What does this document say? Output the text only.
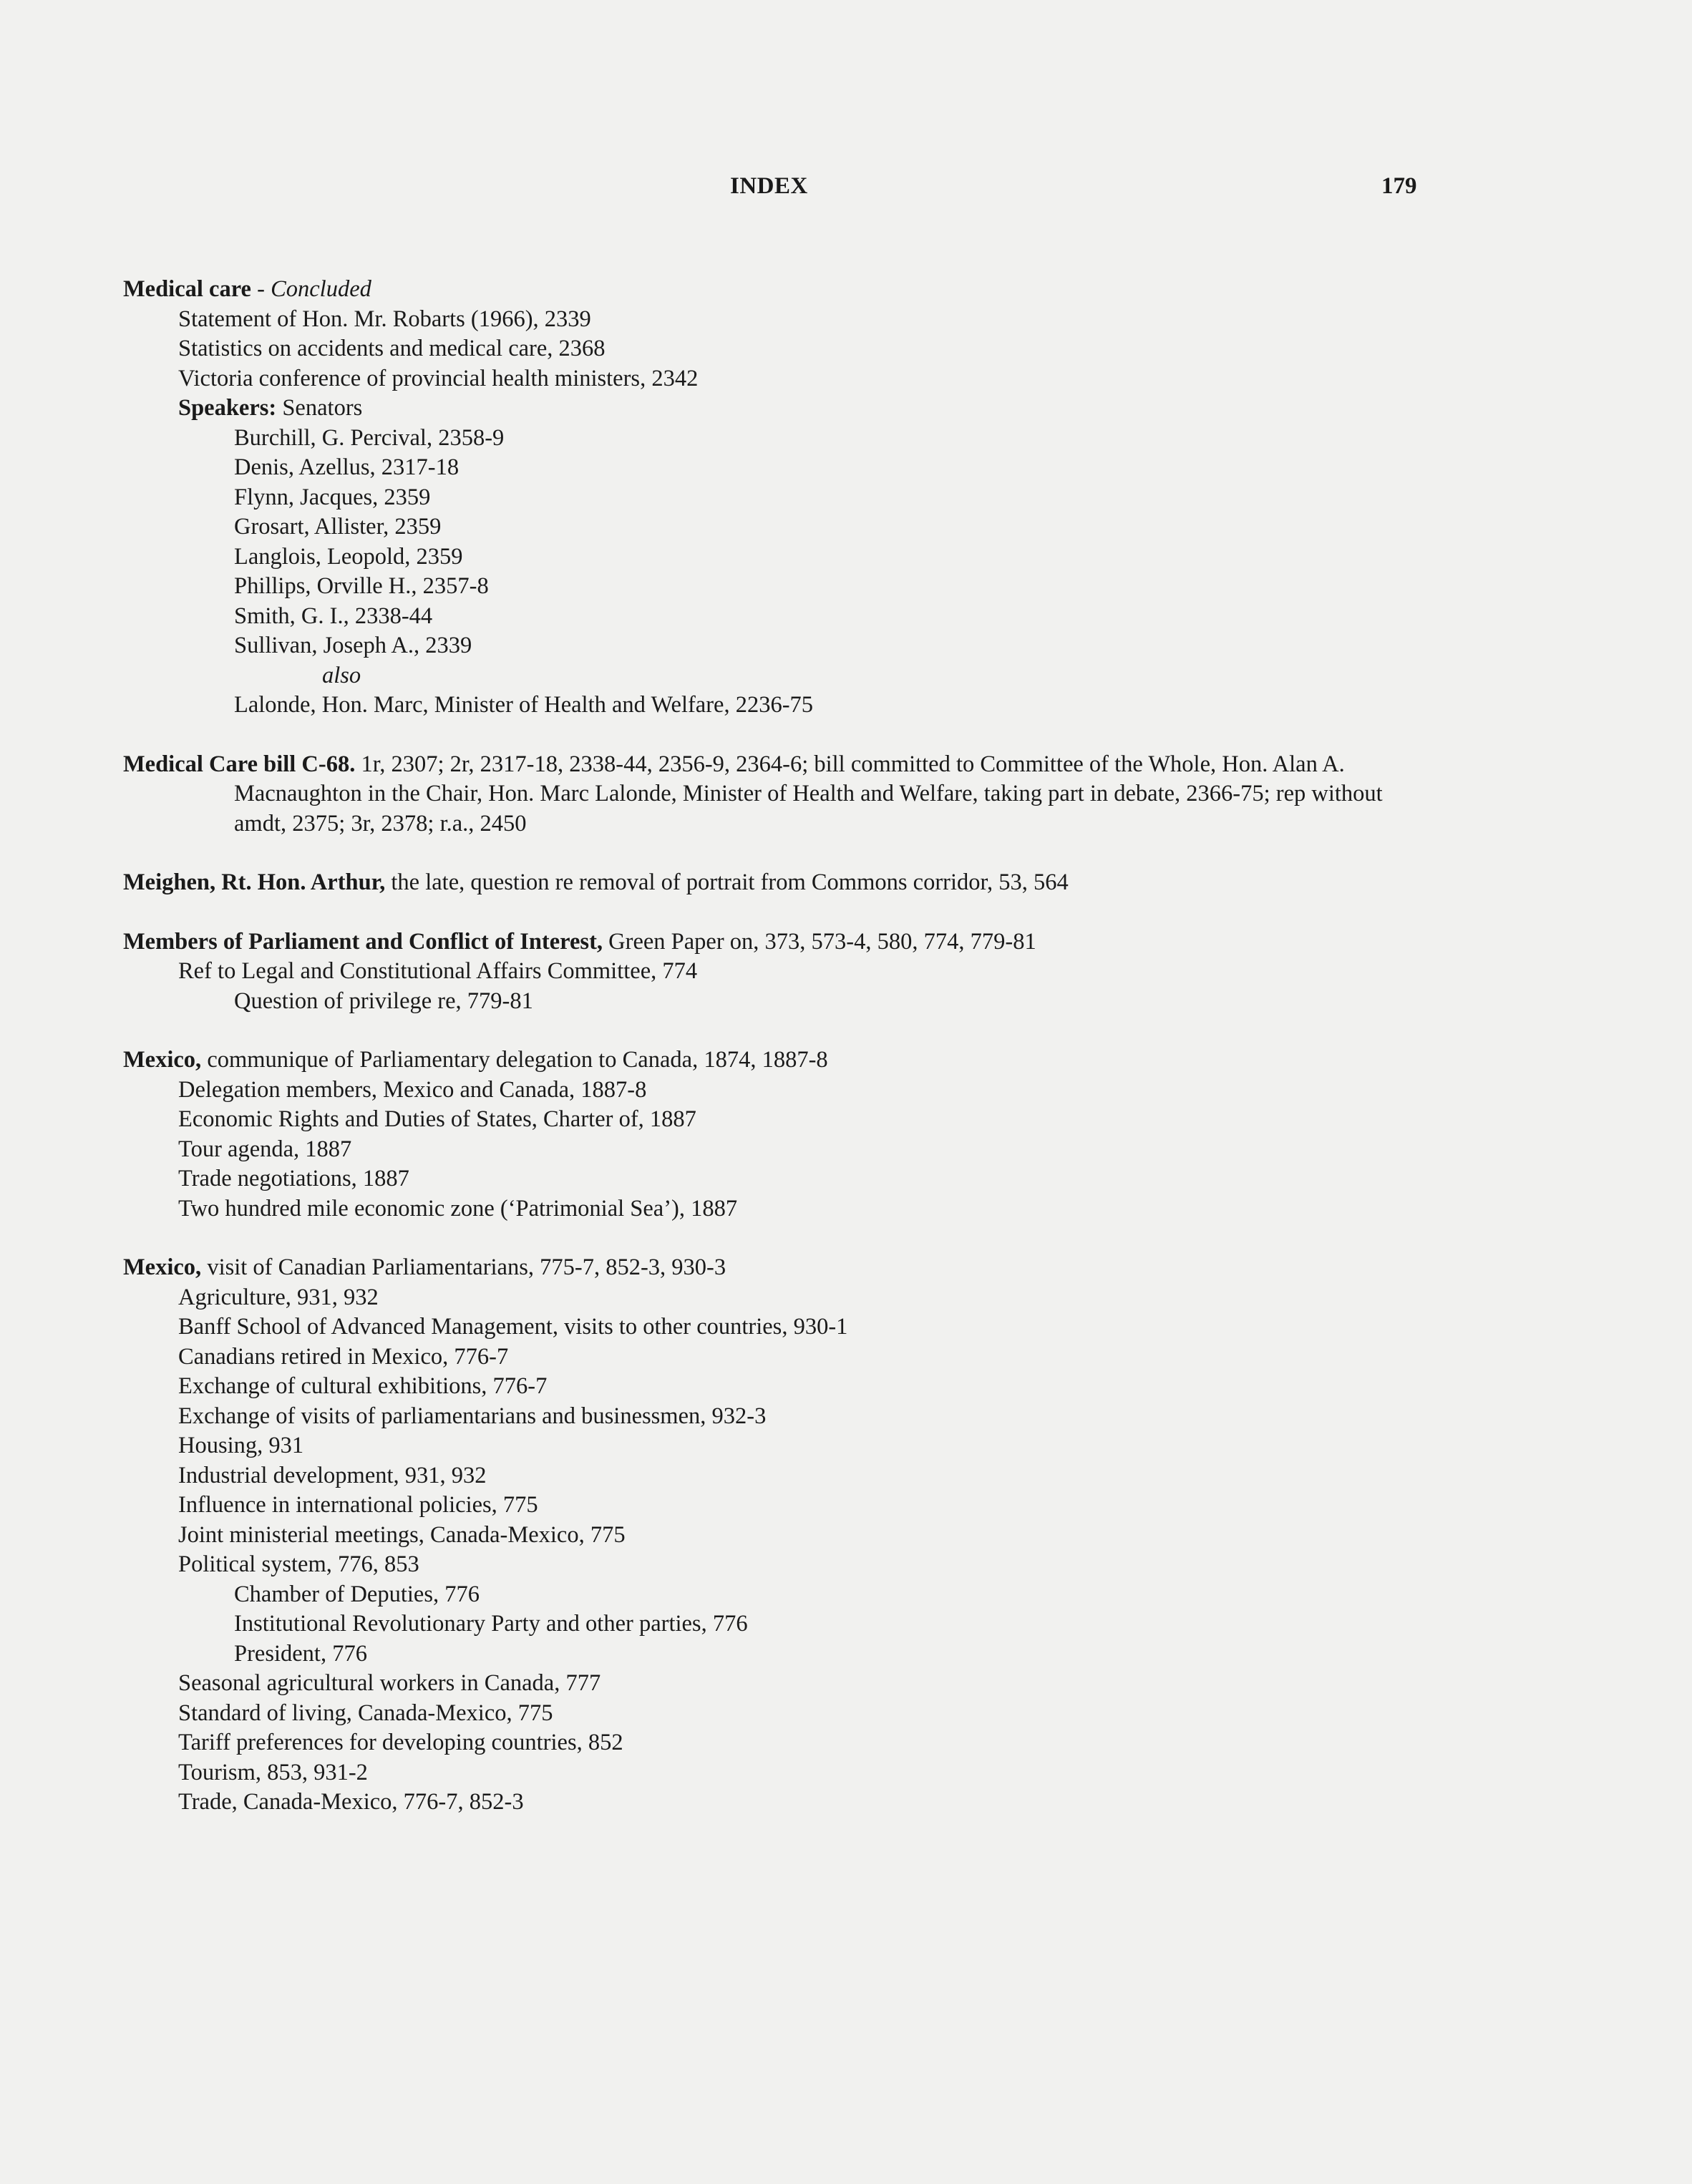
INDEX	179
Medical care - Concluded
Statement of Hon. Mr. Robarts (1966), 2339
Statistics on accidents and medical care, 2368
Victoria conference of provincial health ministers, 2342
Speakers: Senators
Burchill, G. Percival, 2358-9
Denis, Azellus, 2317-18
Flynn, Jacques, 2359
Grosart, Allister, 2359
Langlois, Leopold, 2359
Phillips, Orville H., 2357-8
Smith, G. I., 2338-44
Sullivan, Joseph A., 2339
also
Lalonde, Hon. Marc, Minister of Health and Welfare, 2236-75
Medical Care bill C-68. 1r, 2307; 2r, 2317-18, 2338-44, 2356-9, 2364-6; bill committed to Committee of the Whole, Hon. Alan A. Macnaughton in the Chair, Hon. Marc Lalonde, Minister of Health and Welfare, taking part in debate, 2366-75; rep without amdt, 2375; 3r, 2378; r.a., 2450
Meighen, Rt. Hon. Arthur, the late, question re removal of portrait from Commons corridor, 53, 564
Members of Parliament and Conflict of Interest, Green Paper on, 373, 573-4, 580, 774, 779-81
Ref to Legal and Constitutional Affairs Committee, 774
Question of privilege re, 779-81
Mexico, communique of Parliamentary delegation to Canada, 1874, 1887-8
Delegation members, Mexico and Canada, 1887-8
Economic Rights and Duties of States, Charter of, 1887
Tour agenda, 1887
Trade negotiations, 1887
Two hundred mile economic zone (‘Patrimonial Sea’), 1887
Mexico, visit of Canadian Parliamentarians, 775-7, 852-3, 930-3
Agriculture, 931, 932
Banff School of Advanced Management, visits to other countries, 930-1
Canadians retired in Mexico, 776-7
Exchange of cultural exhibitions, 776-7
Exchange of visits of parliamentarians and businessmen, 932-3
Housing, 931
Industrial development, 931, 932
Influence in international policies, 775
Joint ministerial meetings, Canada-Mexico, 775
Political system, 776, 853
Chamber of Deputies, 776
Institutional Revolutionary Party and other parties, 776
President, 776
Seasonal agricultural workers in Canada, 777
Standard of living, Canada-Mexico, 775
Tariff preferences for developing countries, 852
Tourism, 853, 931-2
Trade, Canada-Mexico, 776-7, 852-3
